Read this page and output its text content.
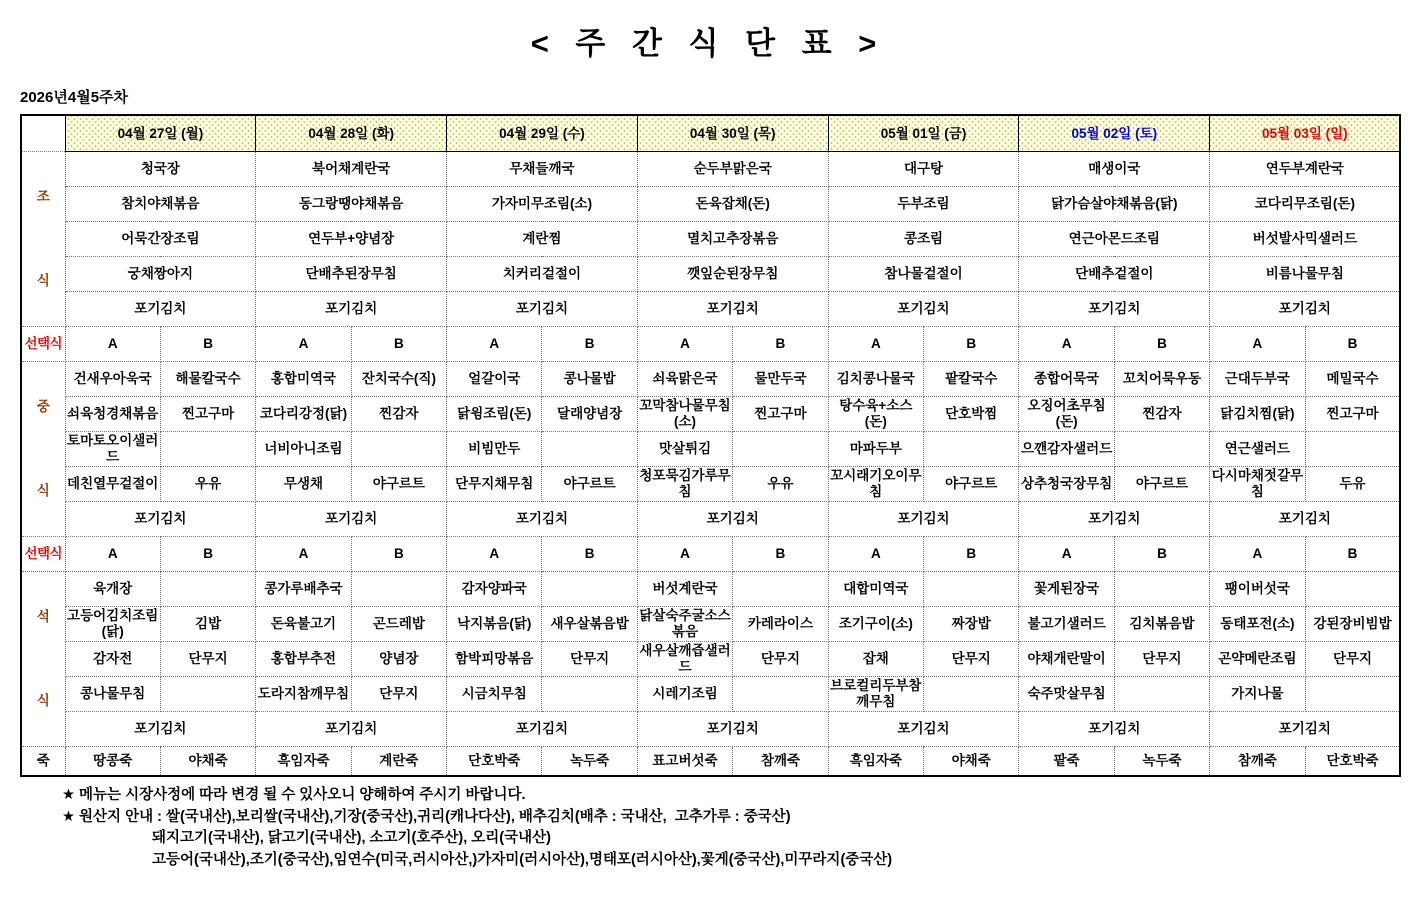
< 주 간 식 단 표 >
2026년4월5주차
	04월 27일 (월)		04월 28일 (화)		04월 29일 (수)		04월 30일 (목)		05월 01일 (금)		05월 02일 (토)		05월 03일 (일)	

조
식	청국장		북어채계란국		무채들깨국		순두부맑은국		대구탕		매생이국		연두부계란국	
	참치야채볶음		동그랑땡야채볶음		가자미무조림(소)		돈육잡채(돈)		두부조림		닭가슴살야채볶음(닭)		코다리무조림(돈)	
	어묵간장조림		연두부+양념장		계란찜		멸치고추장볶음		콩조림		연근아몬드조림		버섯발사믹샐러드	
	궁채짱아지		단배추된장무침		치커리겉절이		깻잎순된장무침		참나물겉절이		단배추겉절이		비름나물무침	
	포기김치		포기김치		포기김치		포기김치		포기김치		포기김치		포기김치	
선택식	A	B	A	B	A	B	A	B	A	B	A	B	A	B

중
식	건새우아욱국	해물칼국수	홍합미역국	잔치국수(직)	얼갈이국	콩나물밥	쇠육맑은국	물만두국	김치콩나물국	팥칼국수	종합어묵국	꼬치어묵우동	근대두부국	메밀국수
	쇠육청경채볶음	찐고구마	코다리강정(닭)	찐감자	닭윙조림(돈)	달래양념장	꼬막참나물무침(소)	찐고구마	탕수육+소스(돈)	단호박찜	오징어초무침(돈)	찐감자	닭김치찜(닭)	찐고구마
	토마토오이샐러드		너비아니조림		비빔만두		맛살튀김		마파두부		으깬감자샐러드		연근샐러드	
	데친열무겉절이	우유	무생채	야구르트	단무지채무침	야구르트	청포묵김가루무침	우유	꼬시래기오이무침	야구르트	상추청국장무침	야구르트	다시마채젓갈무침	두유
	포기김치		포기김치		포기김치		포기김치		포기김치		포기김치		포기김치	
선택식	A	B	A	B	A	B	A	B	A	B	A	B	A	B

석
식	육개장		콩가루배추국		감자양파국		버섯계란국		대합미역국		꽃게된장국		팽이버섯국	
	고등어김치조림(닭)	김밥	돈육불고기	곤드레밥	낙지볶음(닭)	새우살볶음밥	닭살숙주굴소스볶음	카레라이스	조기구이(소)	짜장밥	불고기샐러드	김치볶음밥	동태포전(소)	강된장비빔밥
	감자전	단무지	홍합부추전	양념장	함박피망볶음	단무지	새우살깨즙샐러드	단무지	잡채	단무지	야채개란말이	단무지	곤약메란조림	단무지
	콩나물무침		도라지참깨무침	단무지	시금치무침		시레기조림		브로컬리두부참깨무침		숙주맛살무침		가지나물	
	포기김치		포기김치		포기김치		포기김치		포기김치		포기김치		포기김치	
죽	땅콩죽	야채죽	흑임자죽	계란죽	단호박죽	녹두죽	표고버섯죽	참깨죽	흑임자죽	야채죽	팥죽	녹두죽	참깨죽	단호박죽
★ 메뉴는 시장사정에 따라 변경 될 수 있사오니 양해하여 주시기 바랍니다.
★ 원산지 안내 : 쌀(국내산),보리쌀(국내산),기장(중국산),귀리(캐나다산), 배추김치(배추 : 국내산,  고추가루 : 중국산)
돼지고기(국내산), 닭고기(국내산), 소고기(호주산), 오리(국내산)
고등어(국내산),조기(중국산),임연수(미국,러시아산,)가자미(러시아산),명태포(러시아산),꽃게(중국산),미꾸라지(중국산)
